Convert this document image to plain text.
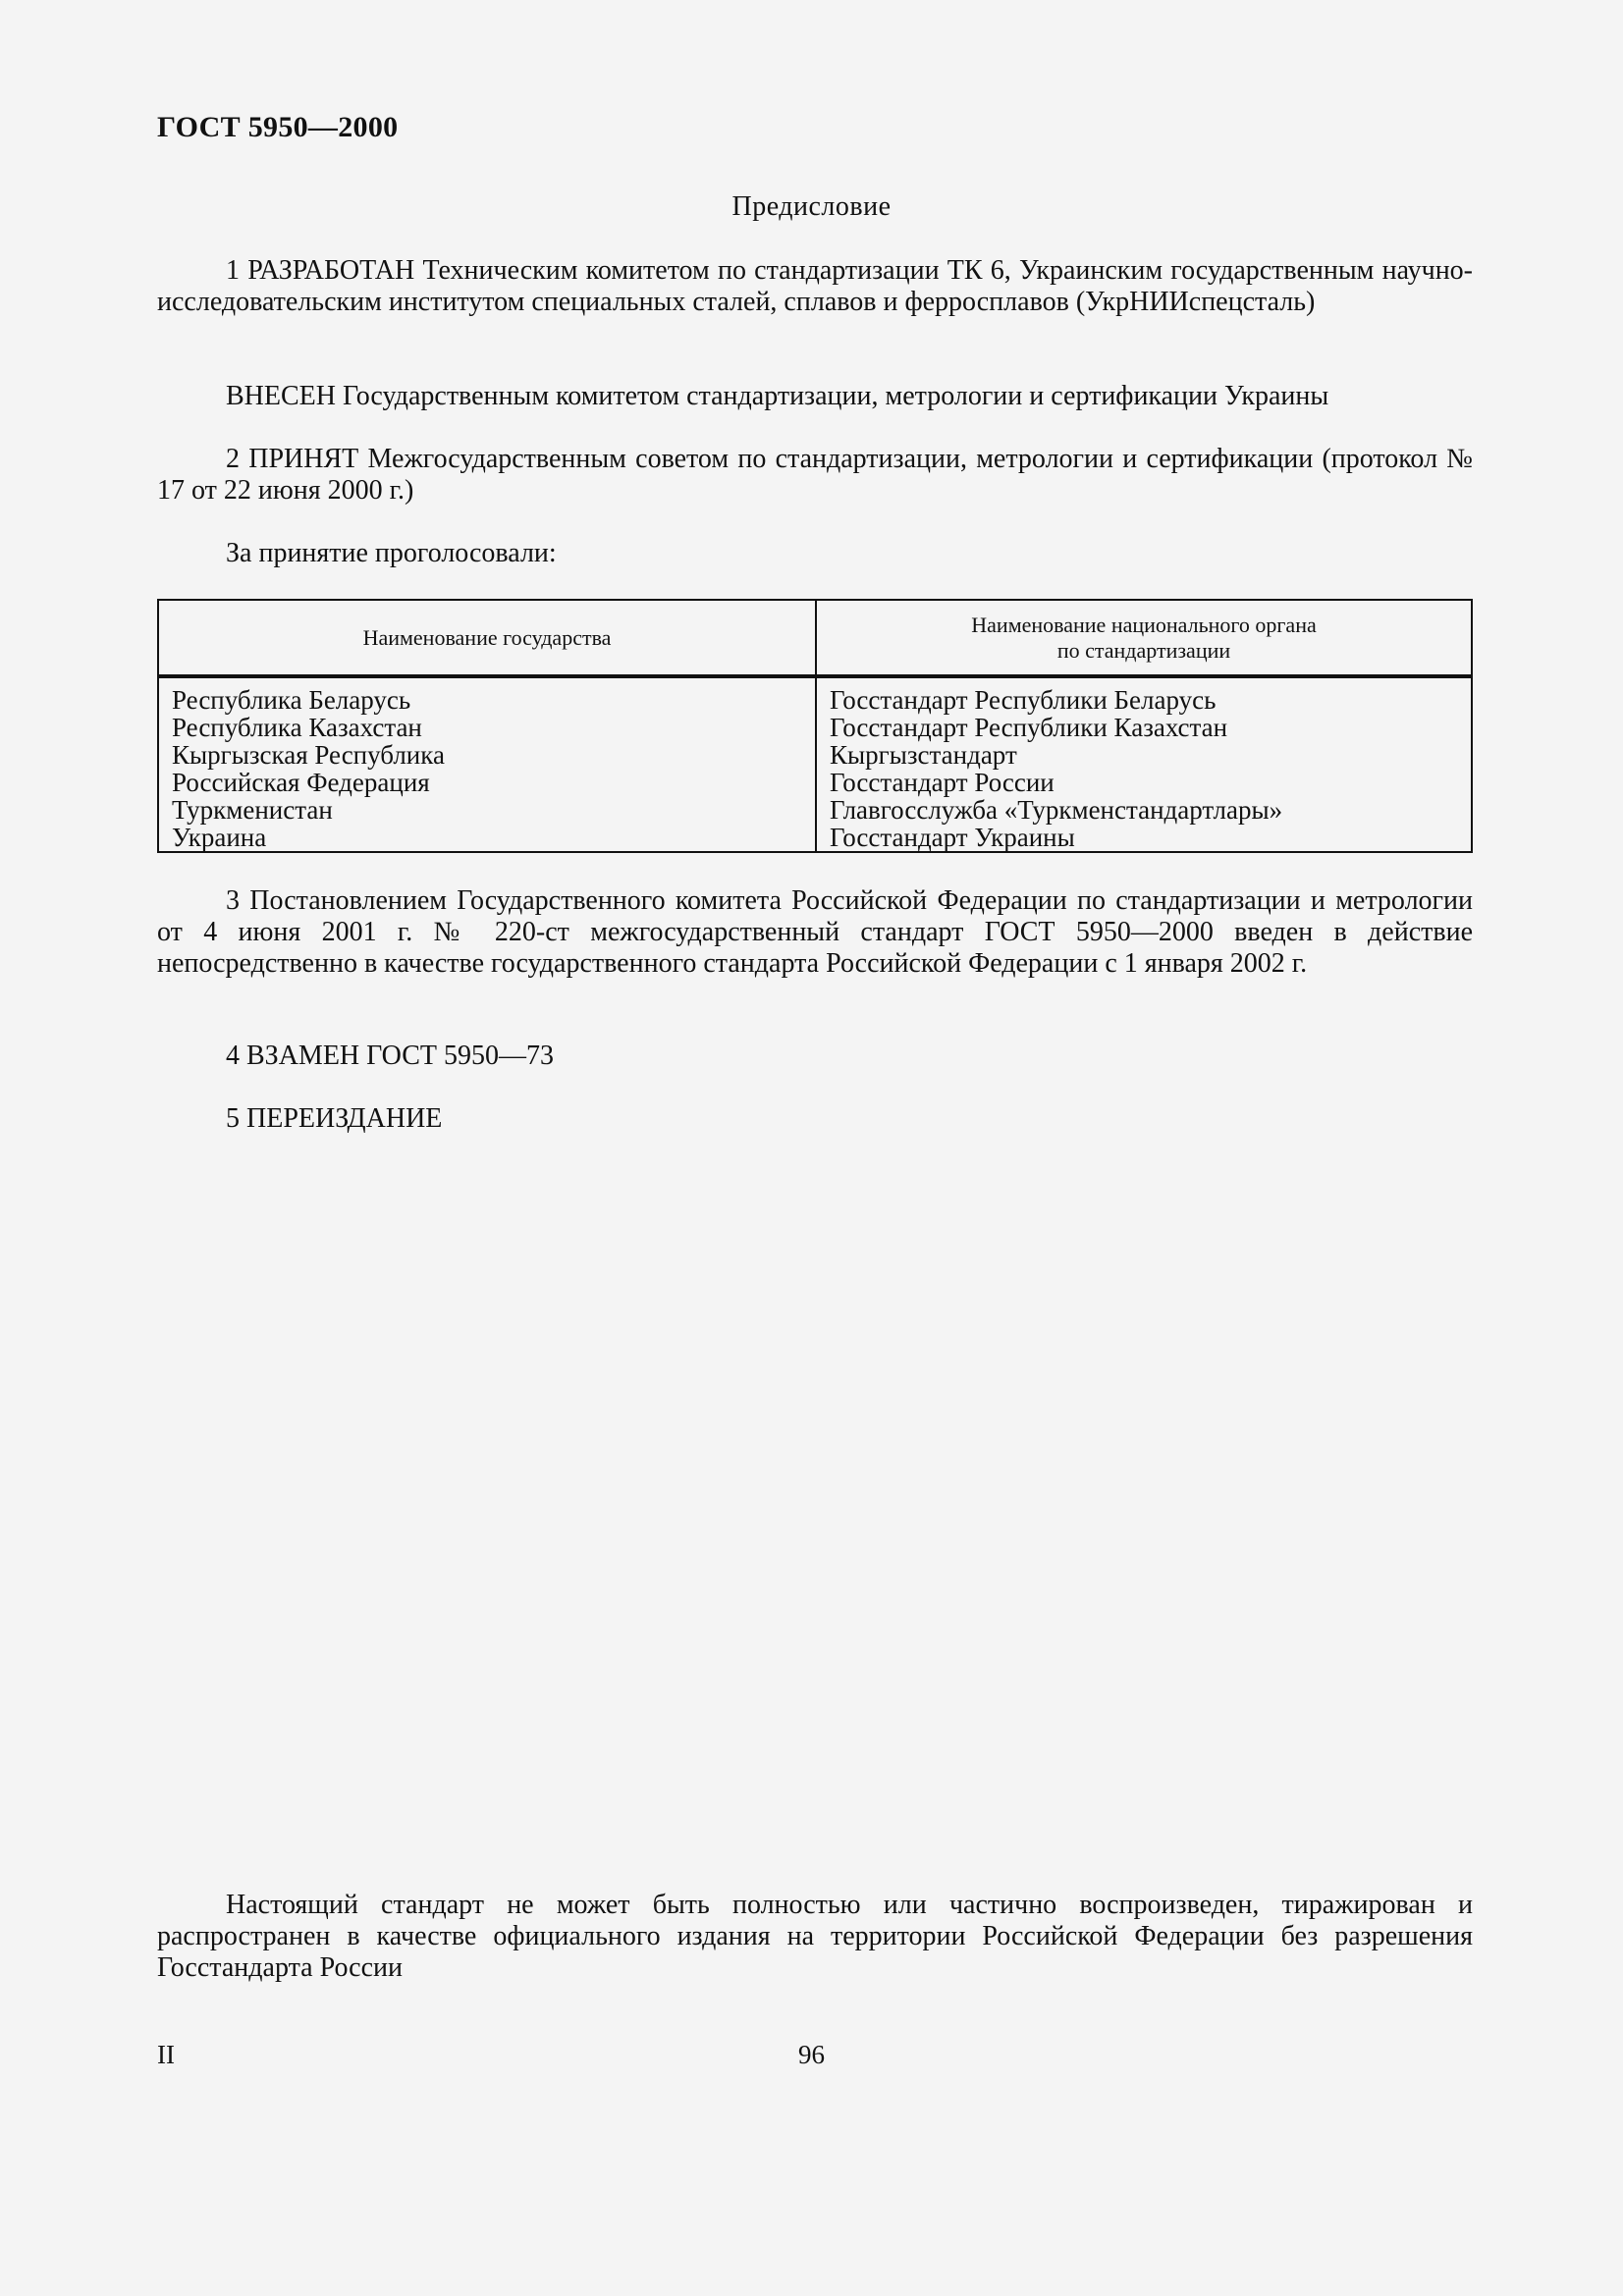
ГОСТ 5950—2000
Предисловие

1 РАЗРАБОТАН Техническим комитетом по стандартизации ТК 6, Украинским государственным научно-исследовательским институтом специальных сталей, сплавов и ферросплавов (УкрНИИспецсталь)

ВНЕСЕН Государственным комитетом стандартизации, метрологии и сертификации Украины

2 ПРИНЯТ Межгосударственным советом по стандартизации, метрологии и сертификации (протокол № 17 от 22 июня 2000 г.)

За принятие проголосовали:

Наименование государства
Наименование национального органа
по стандартизации
Республика Беларусь
Республика Казахстан
Кыргызская Республика
Российская Федерация
Туркменистан
Украина
Госстандарт Республики Беларусь
Госстандарт Республики Казахстан
Кыргызстандарт
Госстандарт России
Главгосслужба «Туркменстандартлары»
Госстандарт Украины

3 Постановлением Государственного комитета Российской Федерации по стандартизации и метрологии от 4 июня 2001 г. № 220-ст межгосударственный стандарт ГОСТ 5950—2000 введен в действие непосредственно в качестве государственного стандарта Российской Федерации с 1 января 2002 г.

4 ВЗАМЕН ГОСТ 5950—73

5 ПЕРЕИЗДАНИЕ

Настоящий стандарт не может быть полностью или частично воспроизведен, тиражирован и распространен в качестве официального издания на территории Российской Федерации без разрешения Госстандарта России

II	96
